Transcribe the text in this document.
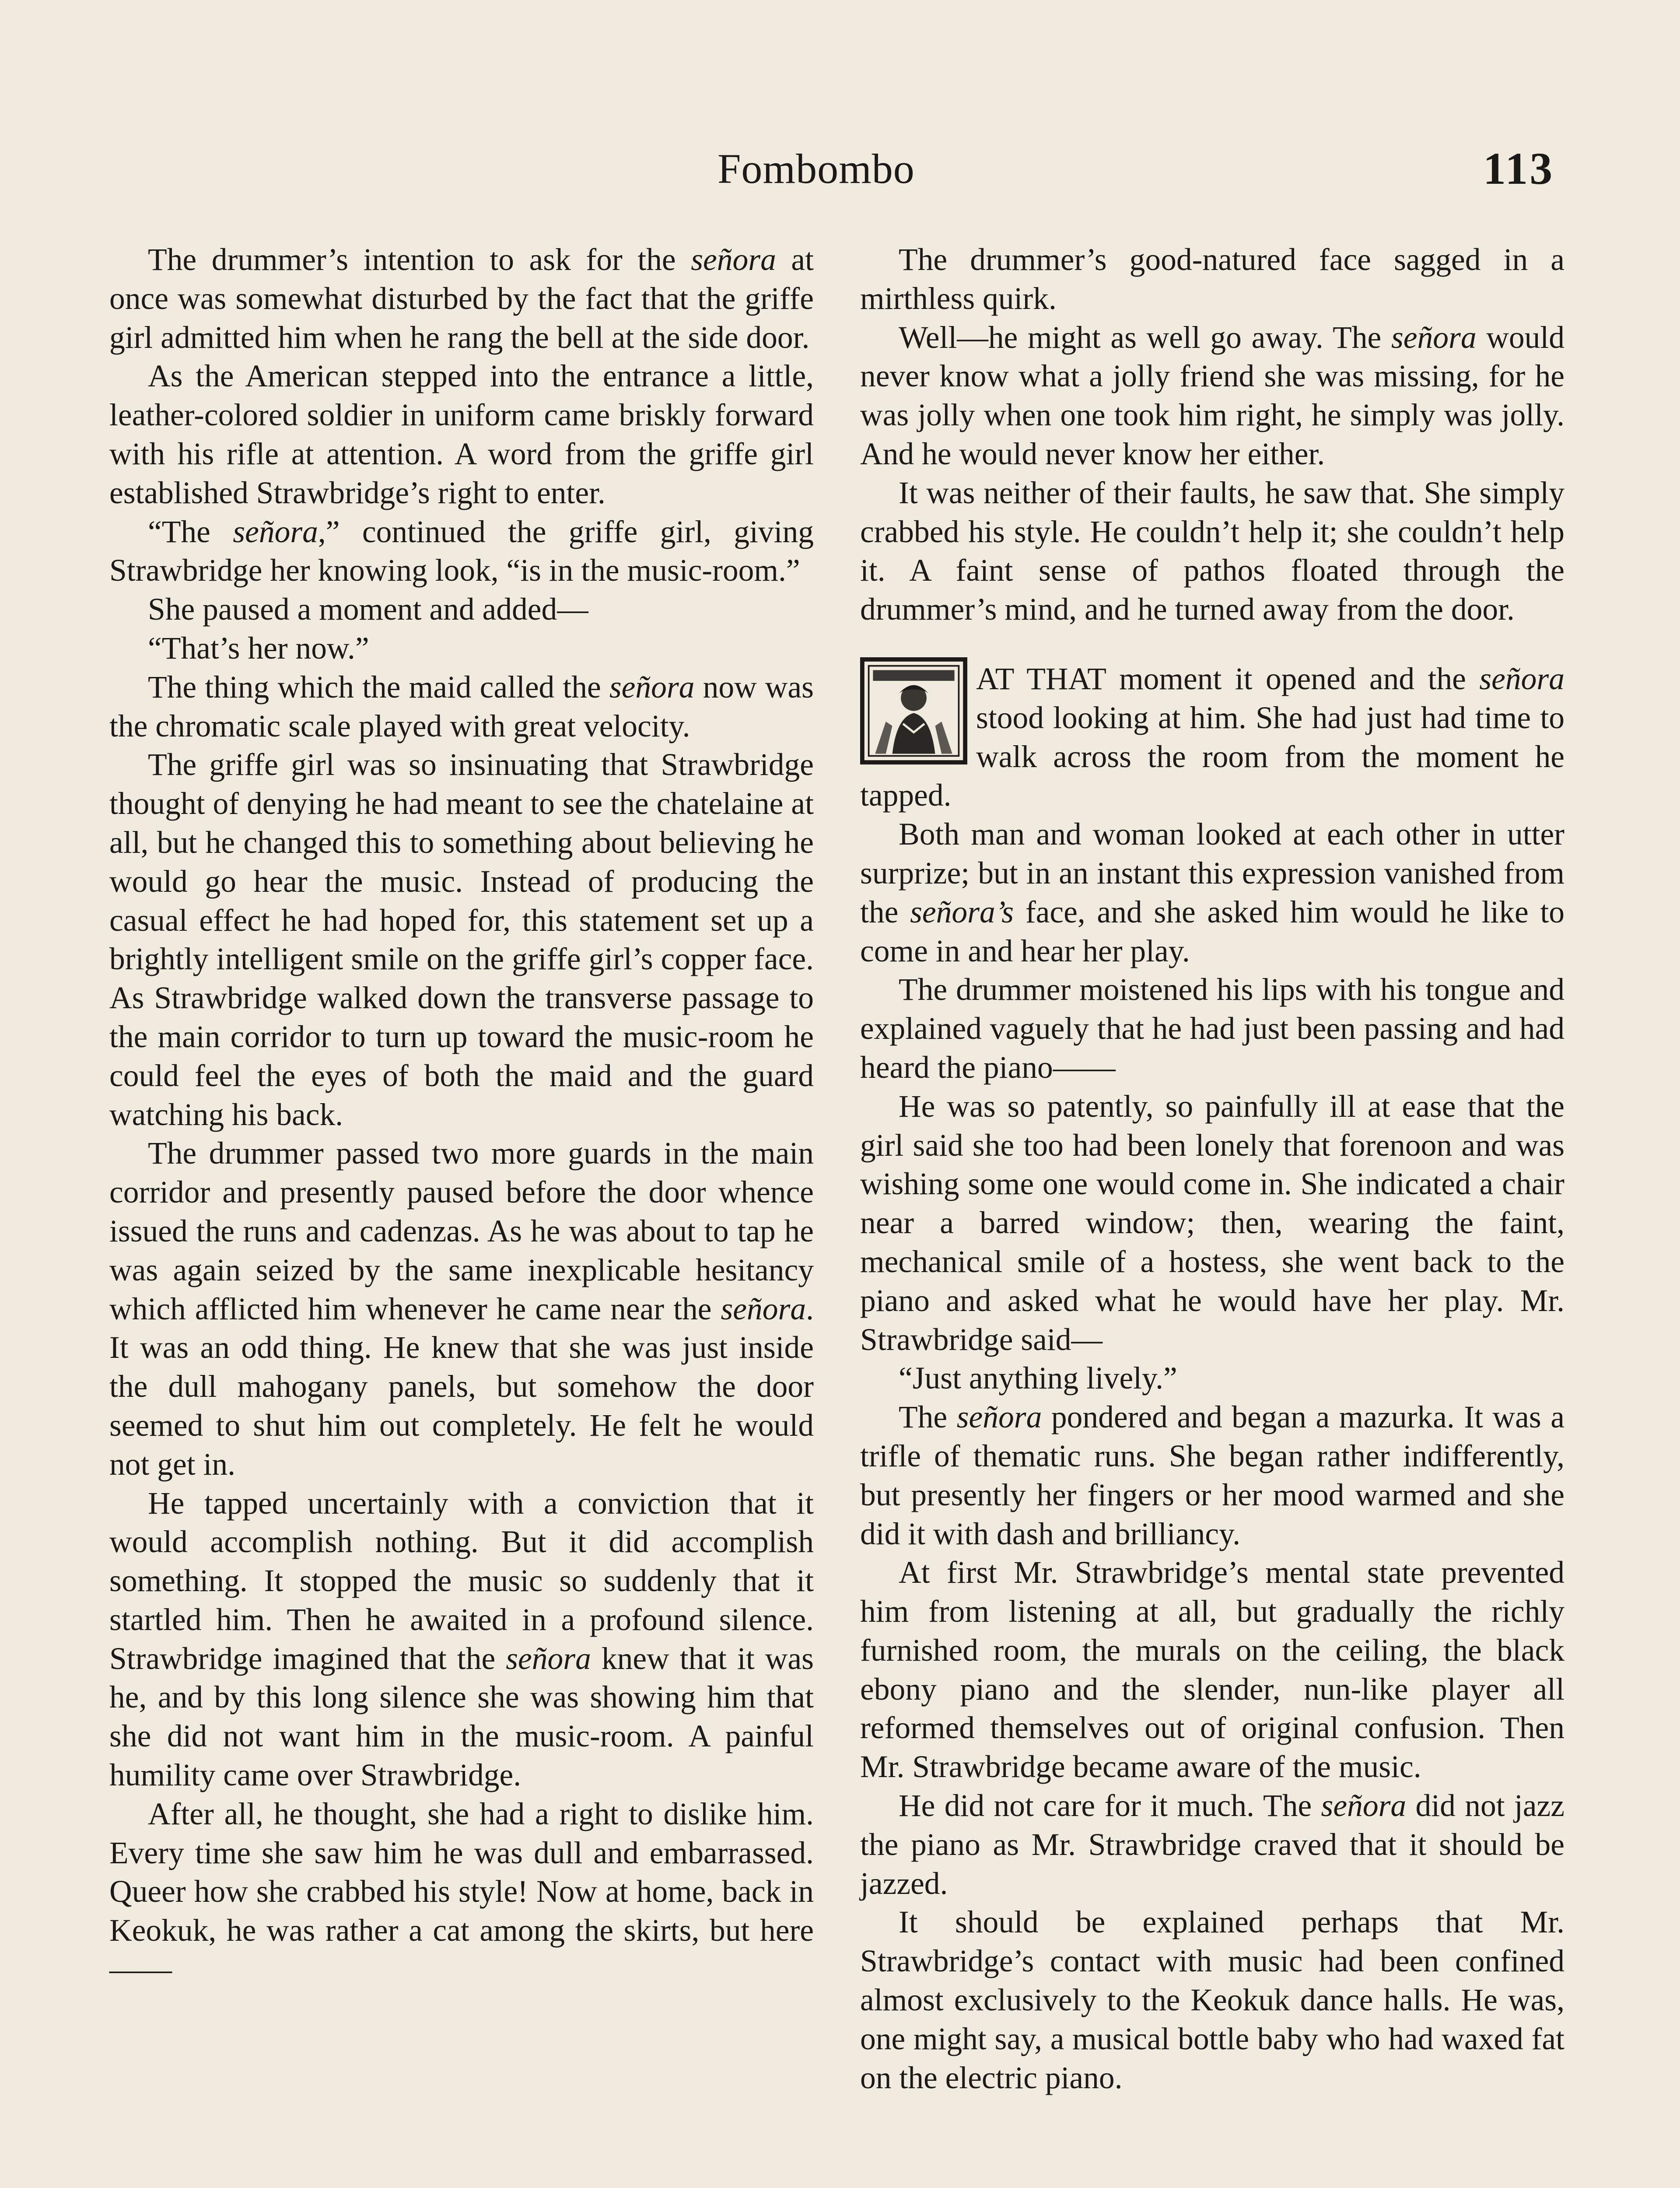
Fombombo	113

The drummer’s intention to ask for the señora at once was somewhat disturbed by the fact that the griffe girl admitted him when he rang the bell at the side door.

As the American stepped into the entrance a little, leather-colored soldier in uniform came briskly forward with his rifle at attention. A word from the griffe girl established Strawbridge’s right to enter.

“The señora,” continued the griffe girl, giving Strawbridge her knowing look, “is in the music-room.”

She paused a moment and added—

“That’s her now.”

The thing which the maid called the señora now was the chromatic scale played with great velocity.

The griffe girl was so insinuating that Strawbridge thought of denying he had meant to see the chatelaine at all, but he changed this to something about believing he would go hear the music. Instead of producing the casual effect he had hoped for, this statement set up a brightly intelligent smile on the griffe girl’s copper face. As Strawbridge walked down the transverse passage to the main corridor to turn up toward the music-room he could feel the eyes of both the maid and the guard watching his back.

The drummer passed two more guards in the main corridor and presently paused before the door whence issued the runs and cadenzas. As he was about to tap he was again seized by the same inexplicable hesitancy which afflicted him whenever he came near the señora. It was an odd thing. He knew that she was just inside the dull mahogany panels, but somehow the door seemed to shut him out completely. He felt he would not get in.

He tapped uncertainly with a conviction that it would accomplish nothing. But it did accomplish something. It stopped the music so suddenly that it startled him. Then he awaited in a profound silence. Strawbridge imagined that the señora knew that it was he, and by this long silence she was showing him that she did not want him in the music-room. A painful humility came over Strawbridge.

After all, he thought, she had a right to dislike him. Every time she saw him he was dull and embarrassed. Queer how she crabbed his style! Now at home, back in Keokuk, he was rather a cat among the skirts, but here——

The drummer’s good-natured face sagged in a mirthless quirk.

Well—he might as well go away. The señora would never know what a jolly friend she was missing, for he was jolly when one took him right, he simply was jolly. And he would never know her either.

It was neither of their faults, he saw that. She simply crabbed his style. He couldn’t help it; she couldn’t help it. A faint sense of pathos floated through the drummer’s mind, and he turned away from the door.

AT THAT moment it opened and the señora stood looking at him. She had just had time to walk across the room from the moment he tapped.

Both man and woman looked at each other in utter surprize; but in an instant this expression vanished from the señora’s face, and she asked him would he like to come in and hear her play.

The drummer moistened his lips with his tongue and explained vaguely that he had just been passing and had heard the piano——

He was so patently, so painfully ill at ease that the girl said she too had been lonely that forenoon and was wishing some one would come in. She indicated a chair near a barred window; then, wearing the faint, mechanical smile of a hostess, she went back to the piano and asked what he would have her play. Mr. Strawbridge said—

“Just anything lively.”

The señora pondered and began a mazurka. It was a trifle of thematic runs. She began rather indifferently, but presently her fingers or her mood warmed and she did it with dash and brilliancy.

At first Mr. Strawbridge’s mental state prevented him from listening at all, but gradually the richly furnished room, the murals on the ceiling, the black ebony piano and the slender, nun-like player all reformed themselves out of original confusion. Then Mr. Strawbridge became aware of the music.

He did not care for it much. The señora did not jazz the piano as Mr. Strawbridge craved that it should be jazzed.

It should be explained perhaps that Mr. Strawbridge’s contact with music had been confined almost exclusively to the Keokuk dance halls. He was, one might say, a musical bottle baby who had waxed fat on the electric piano.
